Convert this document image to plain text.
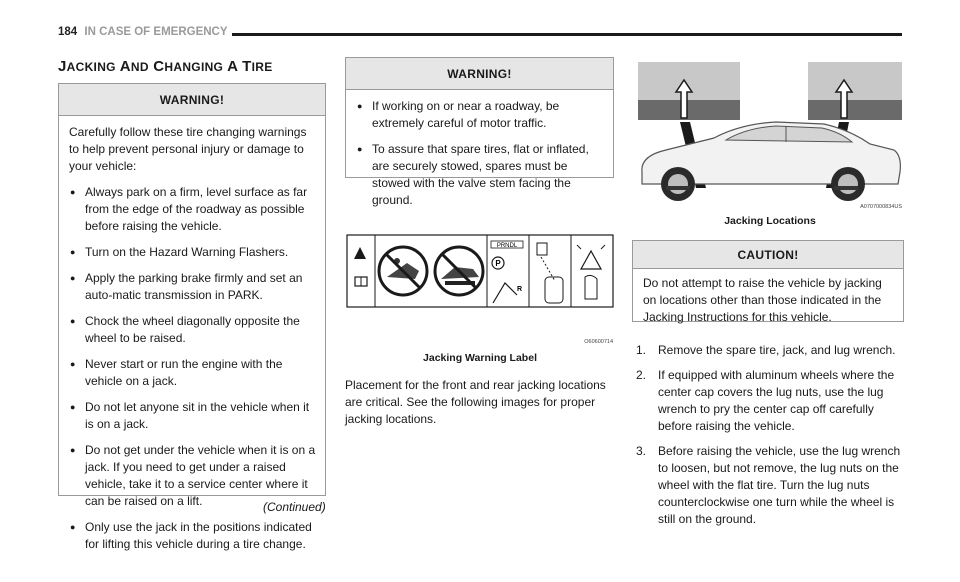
184 IN CASE OF EMERGENCY
JACKING AND CHANGING A TIRE
WARNING!

Carefully follow these tire changing warnings to help prevent personal injury or damage to your vehicle:

● Always park on a firm, level surface as far from the edge of the roadway as possible before raising the vehicle.
● Turn on the Hazard Warning Flashers.
● Apply the parking brake firmly and set an auto-matic transmission in PARK.
● Chock the wheel diagonally opposite the wheel to be raised.
● Never start or run the engine with the vehicle on a jack.
● Do not let anyone sit in the vehicle when it is on a jack.
● Do not get under the vehicle when it is on a jack. If you need to get under a raised vehicle, take it to a service center where it can be raised on a lift.
● Only use the jack in the positions indicated for lifting this vehicle during a tire change.
(Continued)
WARNING!
● If working on or near a roadway, be extremely careful of motor traffic.
● To assure that spare tires, flat or inflated, are securely stowed, spares must be stowed with the valve stem facing the ground.
PRNDL
P
R
O60600714
Jacking Warning Label
Placement for the front and rear jacking locations are critical. See the following images for proper jacking locations.
A0707000834US
Jacking Locations
CAUTION!
Do not attempt to raise the vehicle by jacking on locations other than those indicated in the Jacking Instructions for this vehicle.
1. Remove the spare tire, jack, and lug wrench.
2. If equipped with aluminum wheels where the center cap covers the lug nuts, use the lug wrench to pry the center cap off carefully before raising the vehicle.
3. Before raising the vehicle, use the lug wrench to loosen, but not remove, the lug nuts on the wheel with the flat tire. Turn the lug nuts counterclockwise one turn while the wheel is still on the ground.
